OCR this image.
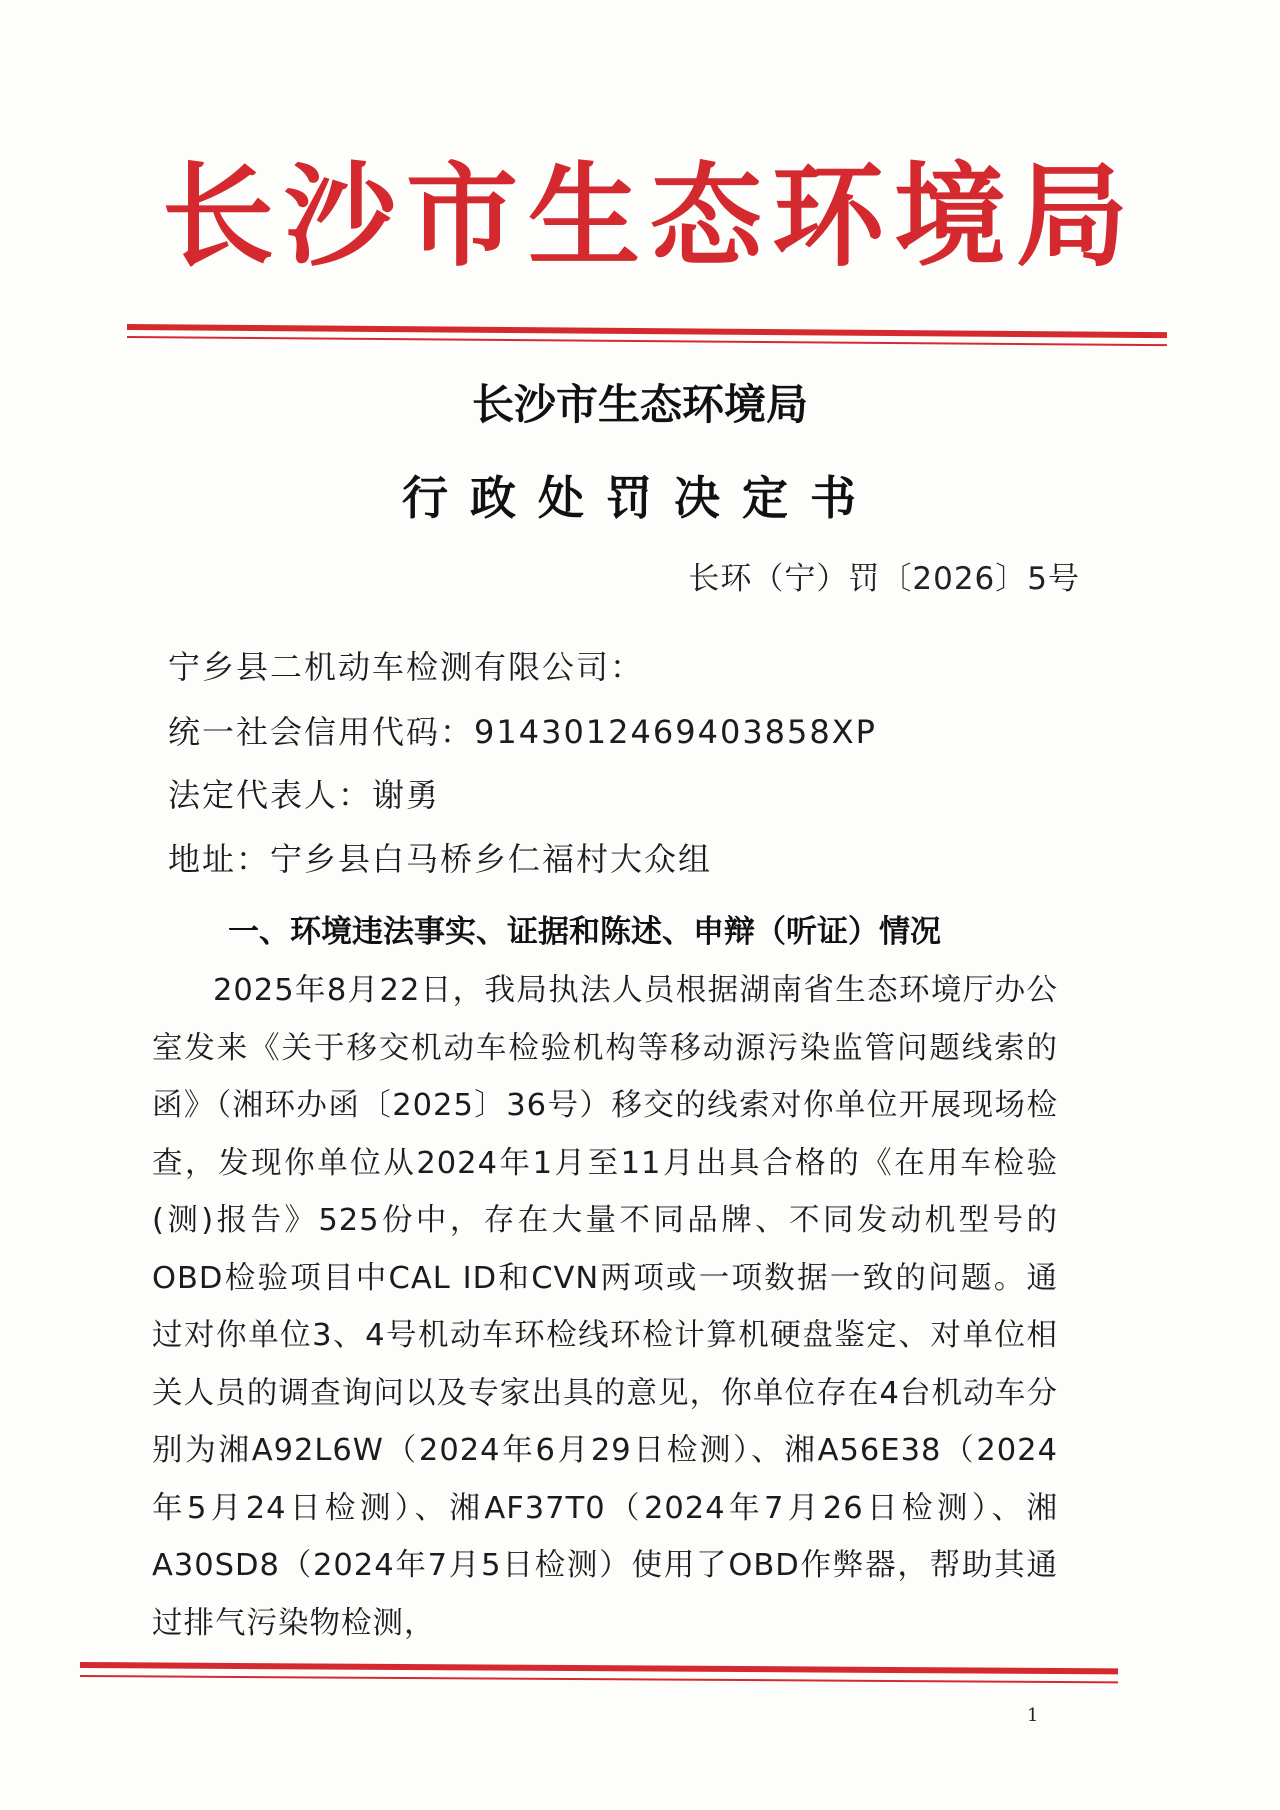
长沙市生态环境局
长沙市生态环境局
行政处罚决定书
长环（宁）罚〔2026〕5号
宁乡县二机动车检测有限公司：
统一社会信用代码：9143012469403858XP
法定代表人：谢勇
地址：宁乡县白马桥乡仁福村大众组
一、环境违法事实、证据和陈述、申辩（听证）情况
2025年8月22日，我局执法人员根据湖南省生态环境厅办公室发来《关于移交机动车检验机构等移动源污染监管问题线索的函》（湘环办函〔2025〕36号）移交的线索对你单位开展现场检查，发现你单位从2024年1月至11月出具合格的《在用车检验(测)报告》525份中，存在大量不同品牌、不同发动机型号的OBD检验项目中CAL ID和CVN两项或一项数据一致的问题。通过对你单位3、4号机动车环检线环检计算机硬盘鉴定、对单位相关人员的调查询问以及专家出具的意见，你单位存在4台机动车分别为湘A92L6W（2024年6月29日检测）、湘A56E38（2024年5月24日检测）、湘AF37T0（2024年7月26日检测）、湘A30SD8（2024年7月5日检测）使用了OBD作弊器，帮助其通过排气污染物检测，
1
